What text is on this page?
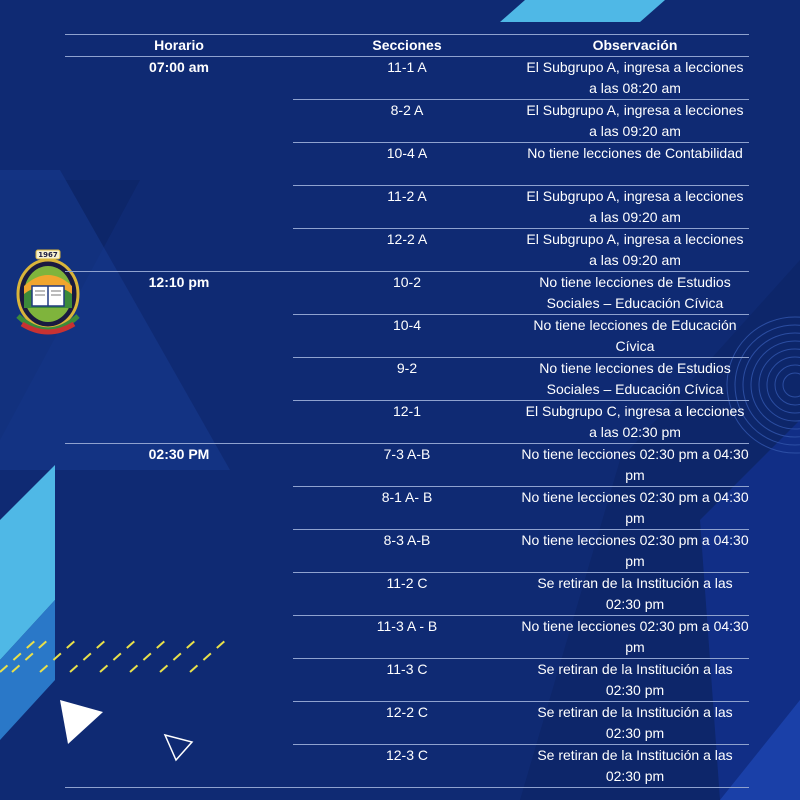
1967
Horario	Secciones	Observación
07:00 am	11-1 A	El Subgrupo A, ingresa a lecciones a las 08:20 am
	8-2 A	El Subgrupo A, ingresa a lecciones a las 09:20 am
	10-4 A	No tiene lecciones de Contabilidad
	11-2 A	El Subgrupo A, ingresa a lecciones a las 09:20 am
	12-2 A	El Subgrupo A, ingresa a lecciones a las 09:20 am
12:10 pm	10-2	No tiene lecciones de Estudios Sociales – Educación Cívica
	10-4	No tiene lecciones de Educación Cívica
	9-2	No tiene lecciones de Estudios Sociales – Educación Cívica
	12-1	El Subgrupo C, ingresa a lecciones a las 02:30 pm
02:30 PM	7-3 A-B	No tiene lecciones 02:30 pm a 04:30 pm
	8-1 A- B	No tiene lecciones 02:30 pm a 04:30 pm
	8-3 A-B	No tiene lecciones 02:30 pm a 04:30 pm
	11-2 C	Se retiran de la Institución a las 02:30 pm
	11-3 A - B	No tiene lecciones 02:30 pm a 04:30 pm
	11-3 C	Se retiran de la Institución a las 02:30 pm
	12-2 C	Se retiran de la Institución a las 02:30 pm
	12-3 C	Se retiran de la Institución a las 02:30 pm
